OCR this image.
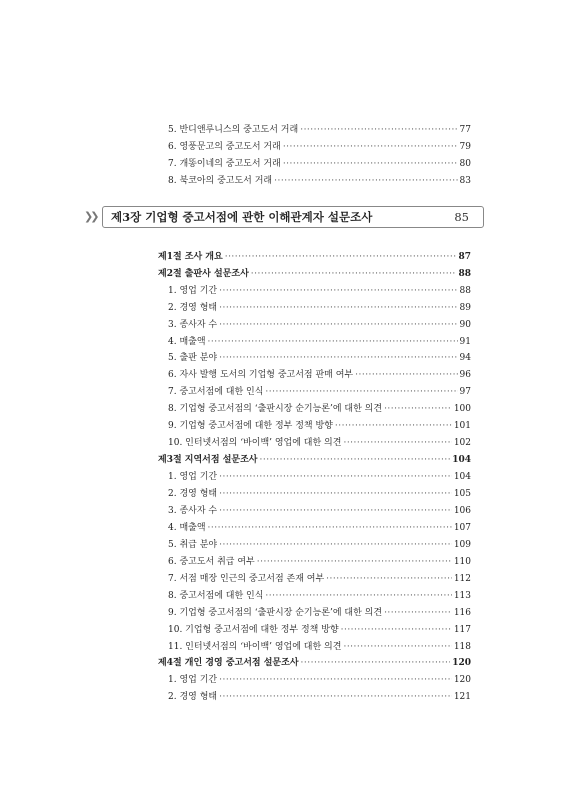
5. 반디앤루니스의 중고도서 거래 ·····	77
6. 영풍문고의 중고도서 거래 ·····	79
7. 개똥이네의 중고도서 거래 ·····	80
8. 북코아의 중고도서 거래 ·····	83
❯❯	제3장 기업형 중고서점에 관한 이해관계자 설문조사	85
제1절 조사 개요 ·····	87
제2절 출판사 설문조사 ·····	88
1. 영업 기간 ·····	88
2. 경영 형태 ·····	89
3. 종사자 수 ·····	90
4. 매출액 ·····	91
5. 출판 분야 ·····	94
6. 자사 발행 도서의 기업형 중고서점 판매 여부 ·····	96
7. 중고서점에 대한 인식 ·····	97
8. 기업형 중고서점의 ‘출판시장 순기능론’에 대한 의견 ·····	100
9. 기업형 중고서점에 대한 정부 정책 방향 ·····	101
10. 인터넷서점의 ‘바이백’ 영업에 대한 의견 ·····	102
제3절 지역서점 설문조사 ·····	104
1. 영업 기간 ·····	104
2. 경영 형태 ·····	105
3. 종사자 수 ·····	106
4. 매출액 ·····	107
5. 취급 분야 ·····	109
6. 중고도서 취급 여부 ·····	110
7. 서점 매장 인근의 중고서점 존재 여부 ·····	112
8. 중고서점에 대한 인식 ·····	113
9. 기업형 중고서점의 ‘출판시장 순기능론’에 대한 의견 ·····	116
10. 기업형 중고서점에 대한 정부 정책 방향 ·····	117
11. 인터넷서점의 ‘바이백’ 영업에 대한 의견 ·····	118
제4절 개인 경영 중고서점 설문조사 ·····	120
1. 영업 기간 ·····	120
2. 경영 형태 ·····	121
